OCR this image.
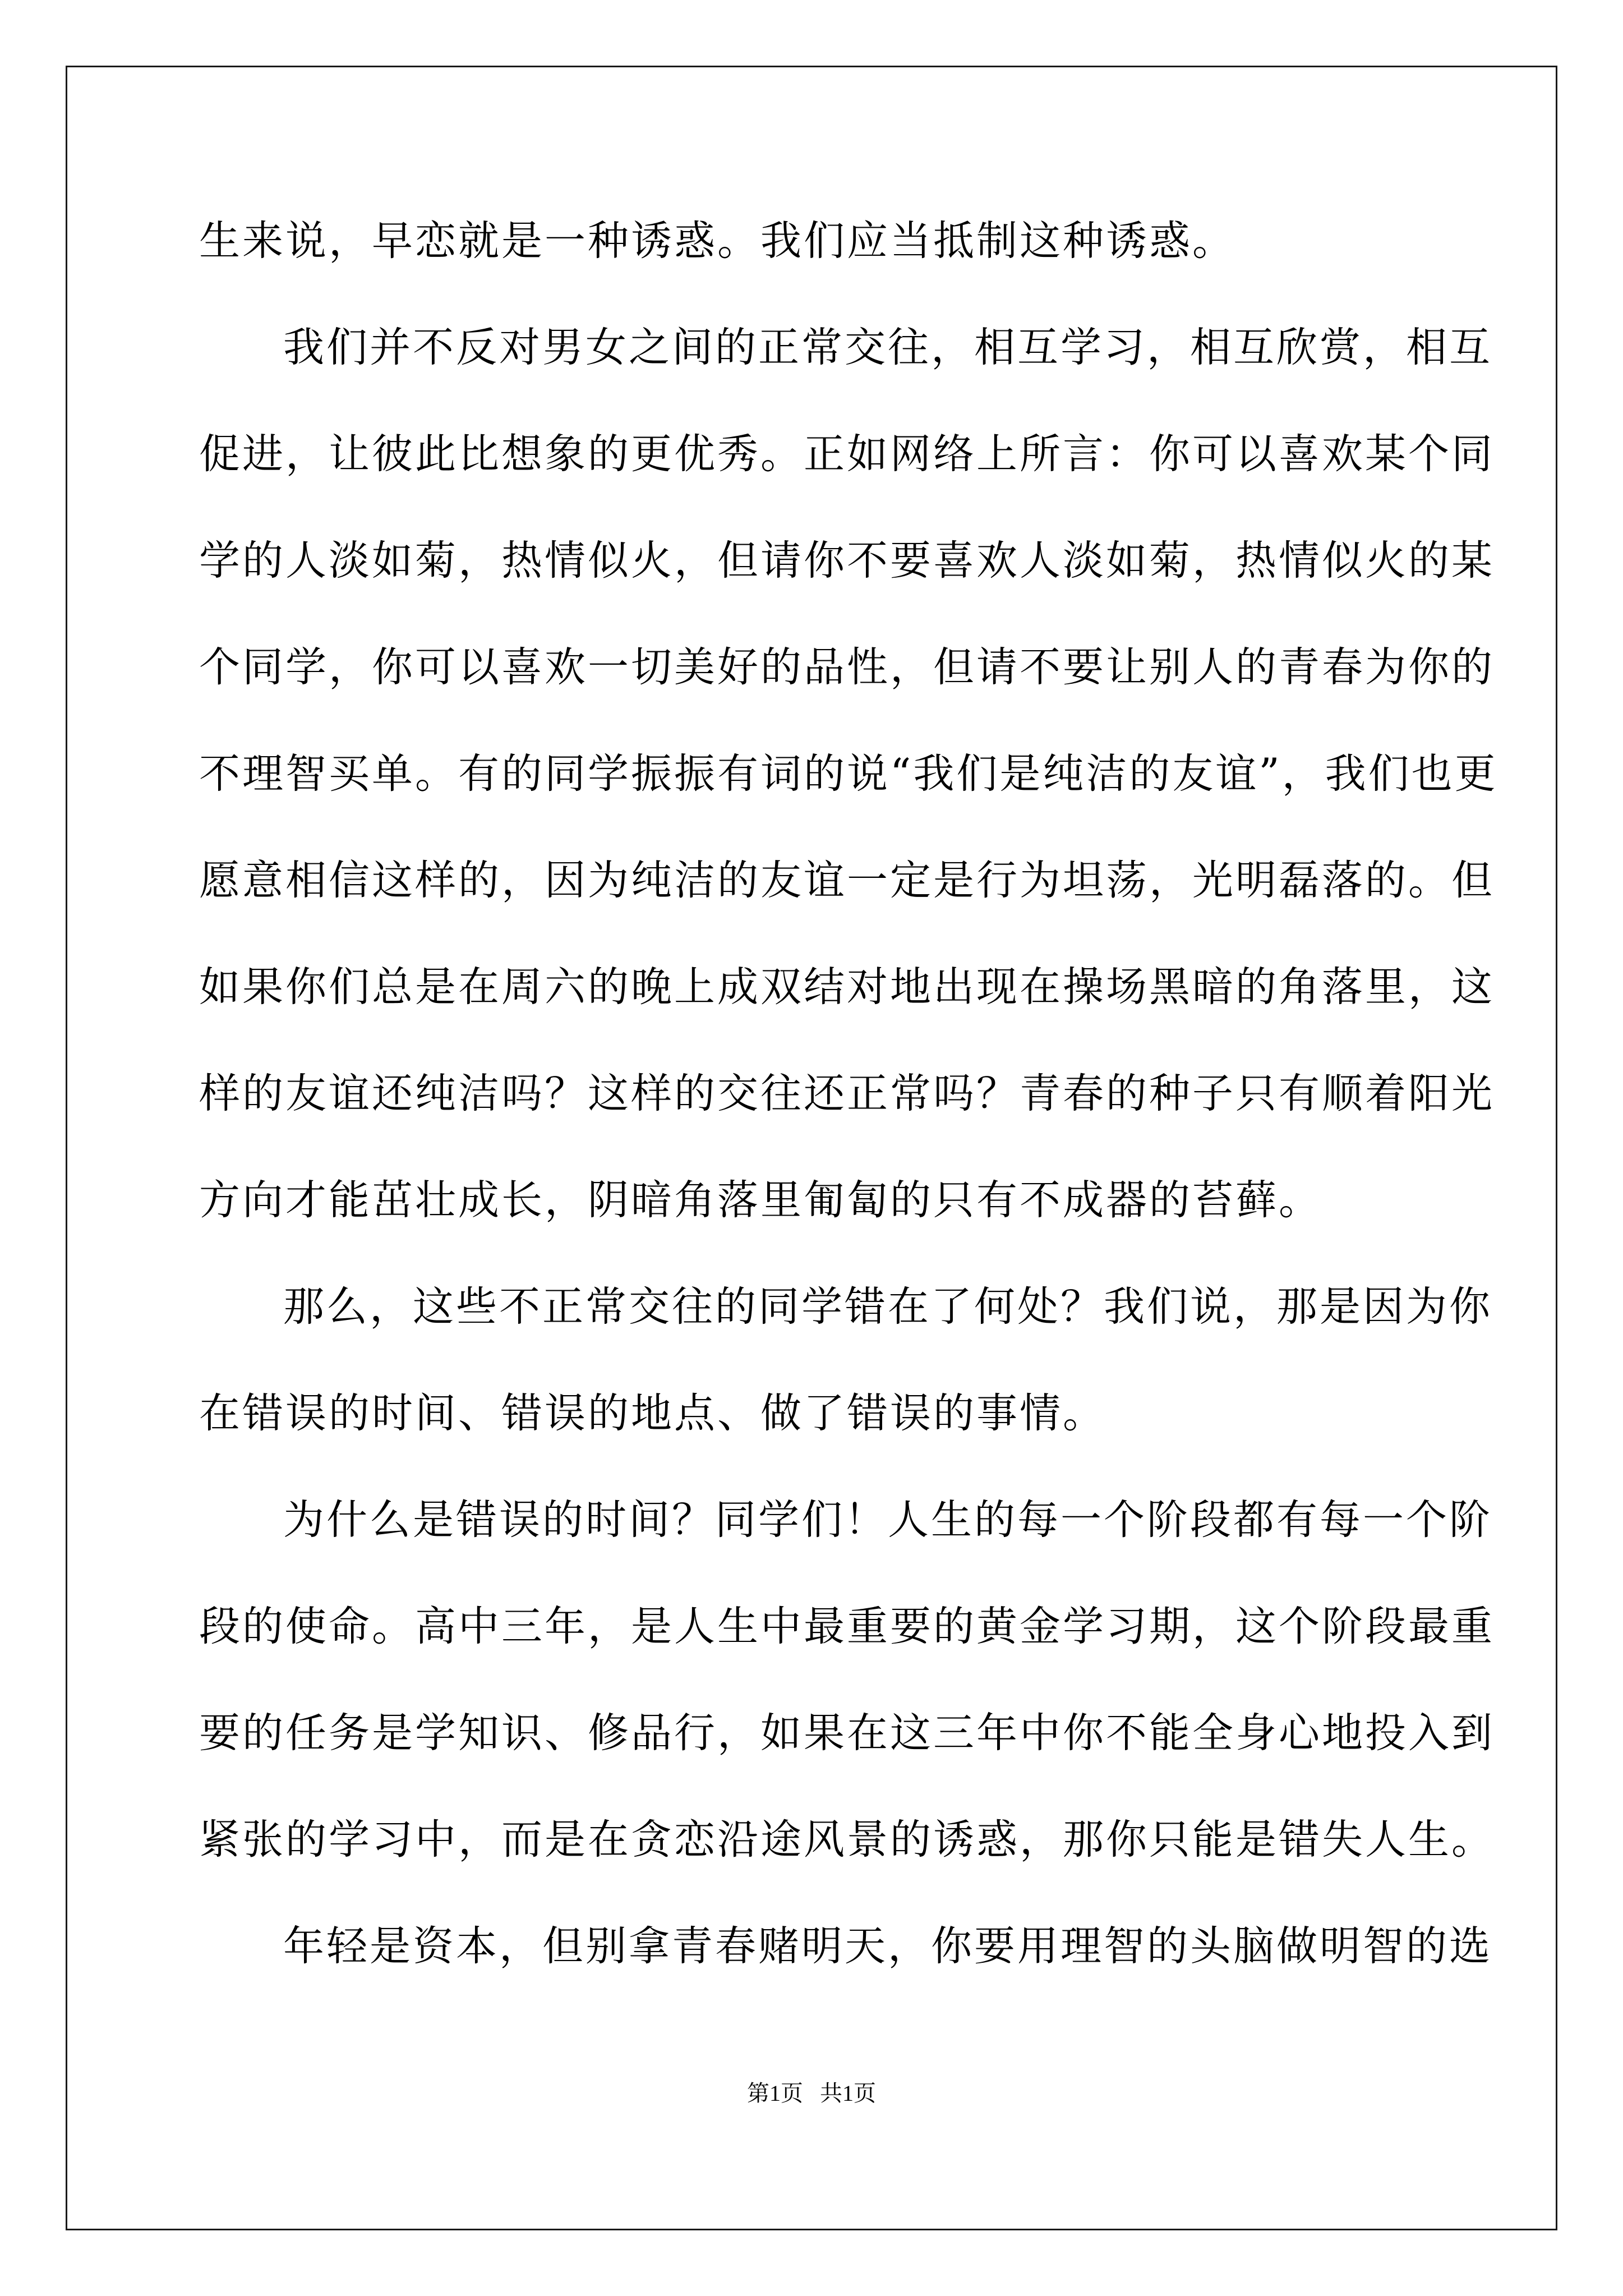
生来说，早恋就是一种诱惑。我们应当抵制这种诱惑。
我们并不反对男女之间的正常交往，相互学习，相互欣赏，相互
促进，让彼此比想象的更优秀。正如网络上所言：你可以喜欢某个同
学的人淡如菊，热情似火，但请你不要喜欢人淡如菊，热情似火的某
个同学，你可以喜欢一切美好的品性，但请不要让别人的青春为你的
不理智买单。有的同学振振有词的说“我们是纯洁的友谊”，我们也更
愿意相信这样的，因为纯洁的友谊一定是行为坦荡，光明磊落的。但
如果你们总是在周六的晚上成双结对地出现在操场黑暗的角落里，这
样的友谊还纯洁吗？这样的交往还正常吗？青春的种子只有顺着阳光
方向才能茁壮成长，阴暗角落里匍匐的只有不成器的苔藓。
那么，这些不正常交往的同学错在了何处？我们说，那是因为你
在错误的时间、错误的地点、做了错误的事情。
为什么是错误的时间？同学们！人生的每一个阶段都有每一个阶
段的使命。高中三年，是人生中最重要的黄金学习期，这个阶段最重
要的任务是学知识、修品行，如果在这三年中你不能全身心地投入到
紧张的学习中，而是在贪恋沿途风景的诱惑，那你只能是错失人生。
年轻是资本，但别拿青春赌明天，你要用理智的头脑做明智的选
第1页   共1页
